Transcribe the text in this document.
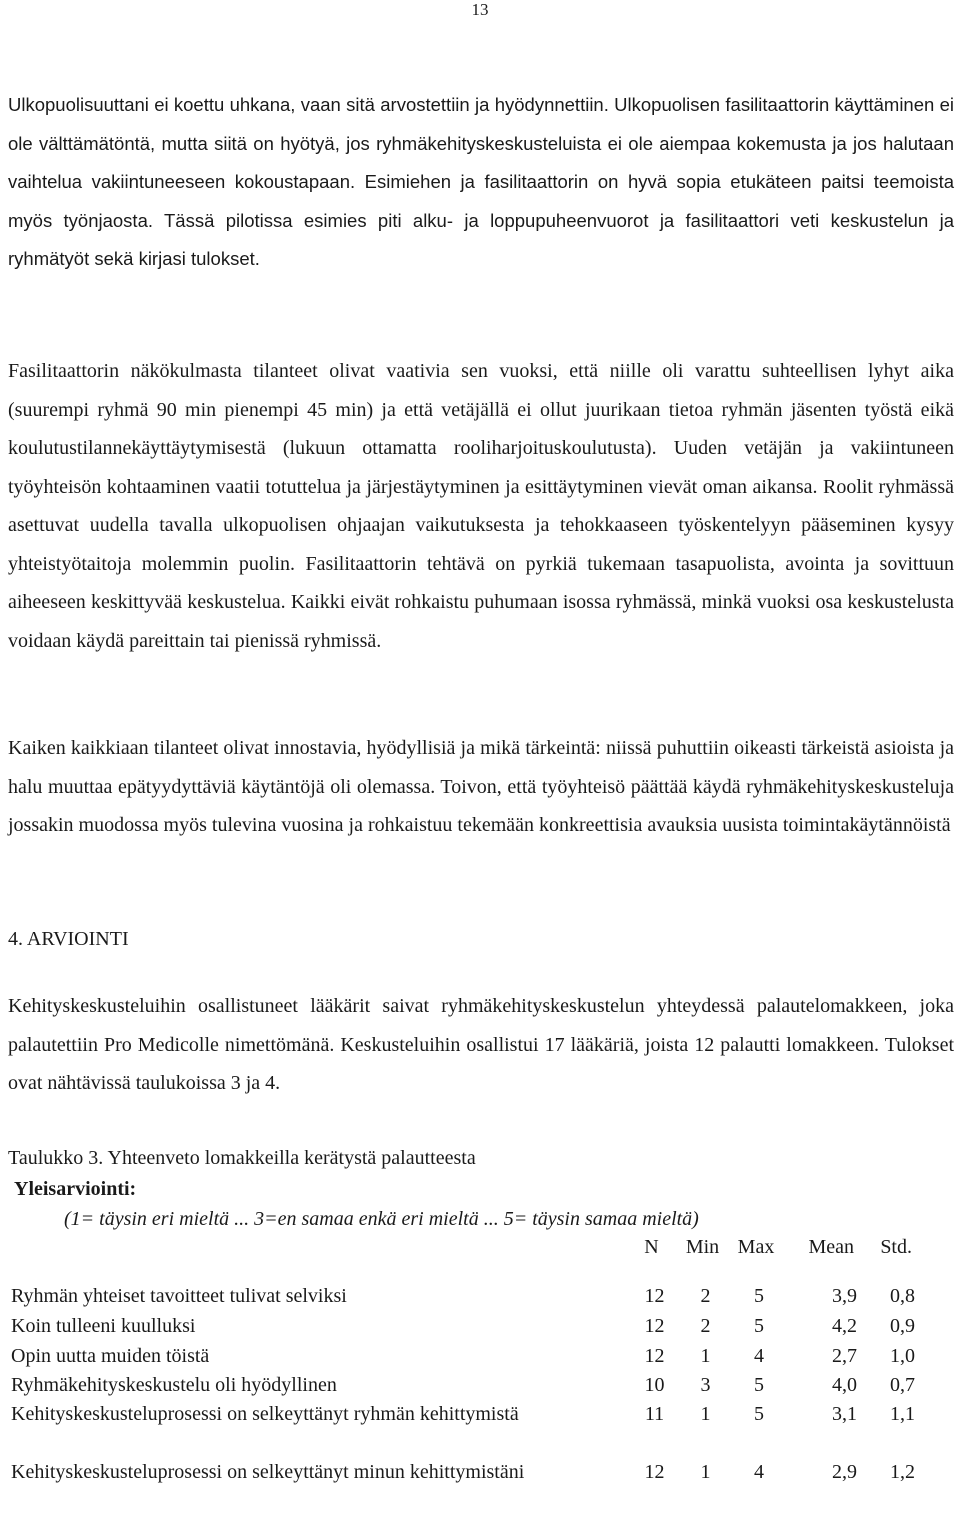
13

Ulkopuolisuuttani ei koettu uhkana, vaan sitä arvostettiin ja hyödynnettiin. Ulkopuolisen fasilitaattorin käyttäminen ei ole välttämätöntä, mutta siitä on hyötyä, jos ryhmäkehityskeskusteluista ei ole aiempaa kokemusta ja jos halutaan vaihtelua vakiintuneeseen kokoustapaan. Esimiehen ja fasilitaattorin on hyvä sopia etukäteen paitsi teemoista myös työnjaosta. Tässä pilotissa esimies piti alku- ja loppupuheenvuorot ja fasilitaattori veti keskustelun ja ryhmätyöt sekä kirjasi tulokset.

Fasilitaattorin näkökulmasta tilanteet olivat vaativia sen vuoksi, että niille oli varattu suhteellisen lyhyt aika (suurempi ryhmä 90 min pienempi 45 min) ja että vetäjällä ei ollut juurikaan tietoa ryhmän jäsenten työstä eikä koulutustilannekäyttäytymisestä (lukuun ottamatta rooliharjoituskoulutusta). Uuden vetäjän ja vakiintuneen työyhteisön kohtaaminen vaatii totuttelua ja järjestäytyminen ja esittäytyminen vievät oman aikansa. Roolit ryhmässä asettuvat uudella tavalla ulkopuolisen ohjaajan vaikutuksesta ja tehokkaaseen työskentelyyn pääseminen kysyy yhteistyötaitoja molemmin puolin. Fasilitaattorin tehtävä on pyrkiä tukemaan tasapuolista, avointa ja sovittuun aiheeseen keskittyvää keskustelua. Kaikki eivät rohkaistu puhumaan isossa ryhmässä, minkä vuoksi osa keskustelusta voidaan käydä pareittain tai pienissä ryhmissä.

Kaiken kaikkiaan tilanteet olivat innostavia, hyödyllisiä ja mikä tärkeintä: niissä puhuttiin oikeasti tärkeistä asioista ja halu muuttaa epätyydyttäviä käytäntöjä oli olemassa. Toivon, että työyhteisö päättää käydä ryhmäkehityskeskusteluja jossakin muodossa myös tulevina vuosina ja rohkaistuu tekemään konkreettisia avauksia uusista toimintakäytännöistä

4. ARVIOINTI

Kehityskeskusteluihin osallistuneet lääkärit saivat ryhmäkehityskeskustelun yhteydessä palautelomakkeen, joka palautettiin Pro Medicolle nimettömänä. Keskusteluihin osallistui 17 lääkäriä, joista 12 palautti lomakkeen. Tulokset ovat nähtävissä taulukoissa 3 ja 4.

Taulukko 3. Yhteenveto lomakkeilla kerätystä palautteesta

Yleisarviointi:

(1= täysin eri mieltä ... 3=en samaa enkä eri mieltä ... 5= täysin samaa mieltä)

	N	Min	Max	Mean	Std.
Ryhmän yhteiset tavoitteet tulivat selviksi	12	2	5	3,9	0,8
Koin tulleeni kuulluksi	12	2	5	4,2	0,9
Opin uutta muiden töistä	12	1	4	2,7	1,0
Ryhmäkehityskeskustelu oli hyödyllinen	10	3	5	4,0	0,7
Kehityskeskusteluprosessi on selkeyttänyt ryhmän kehittymistä	11	1	5	3,1	1,1
Kehityskeskusteluprosessi on selkeyttänyt minun kehittymistäni	12	1	4	2,9	1,2
